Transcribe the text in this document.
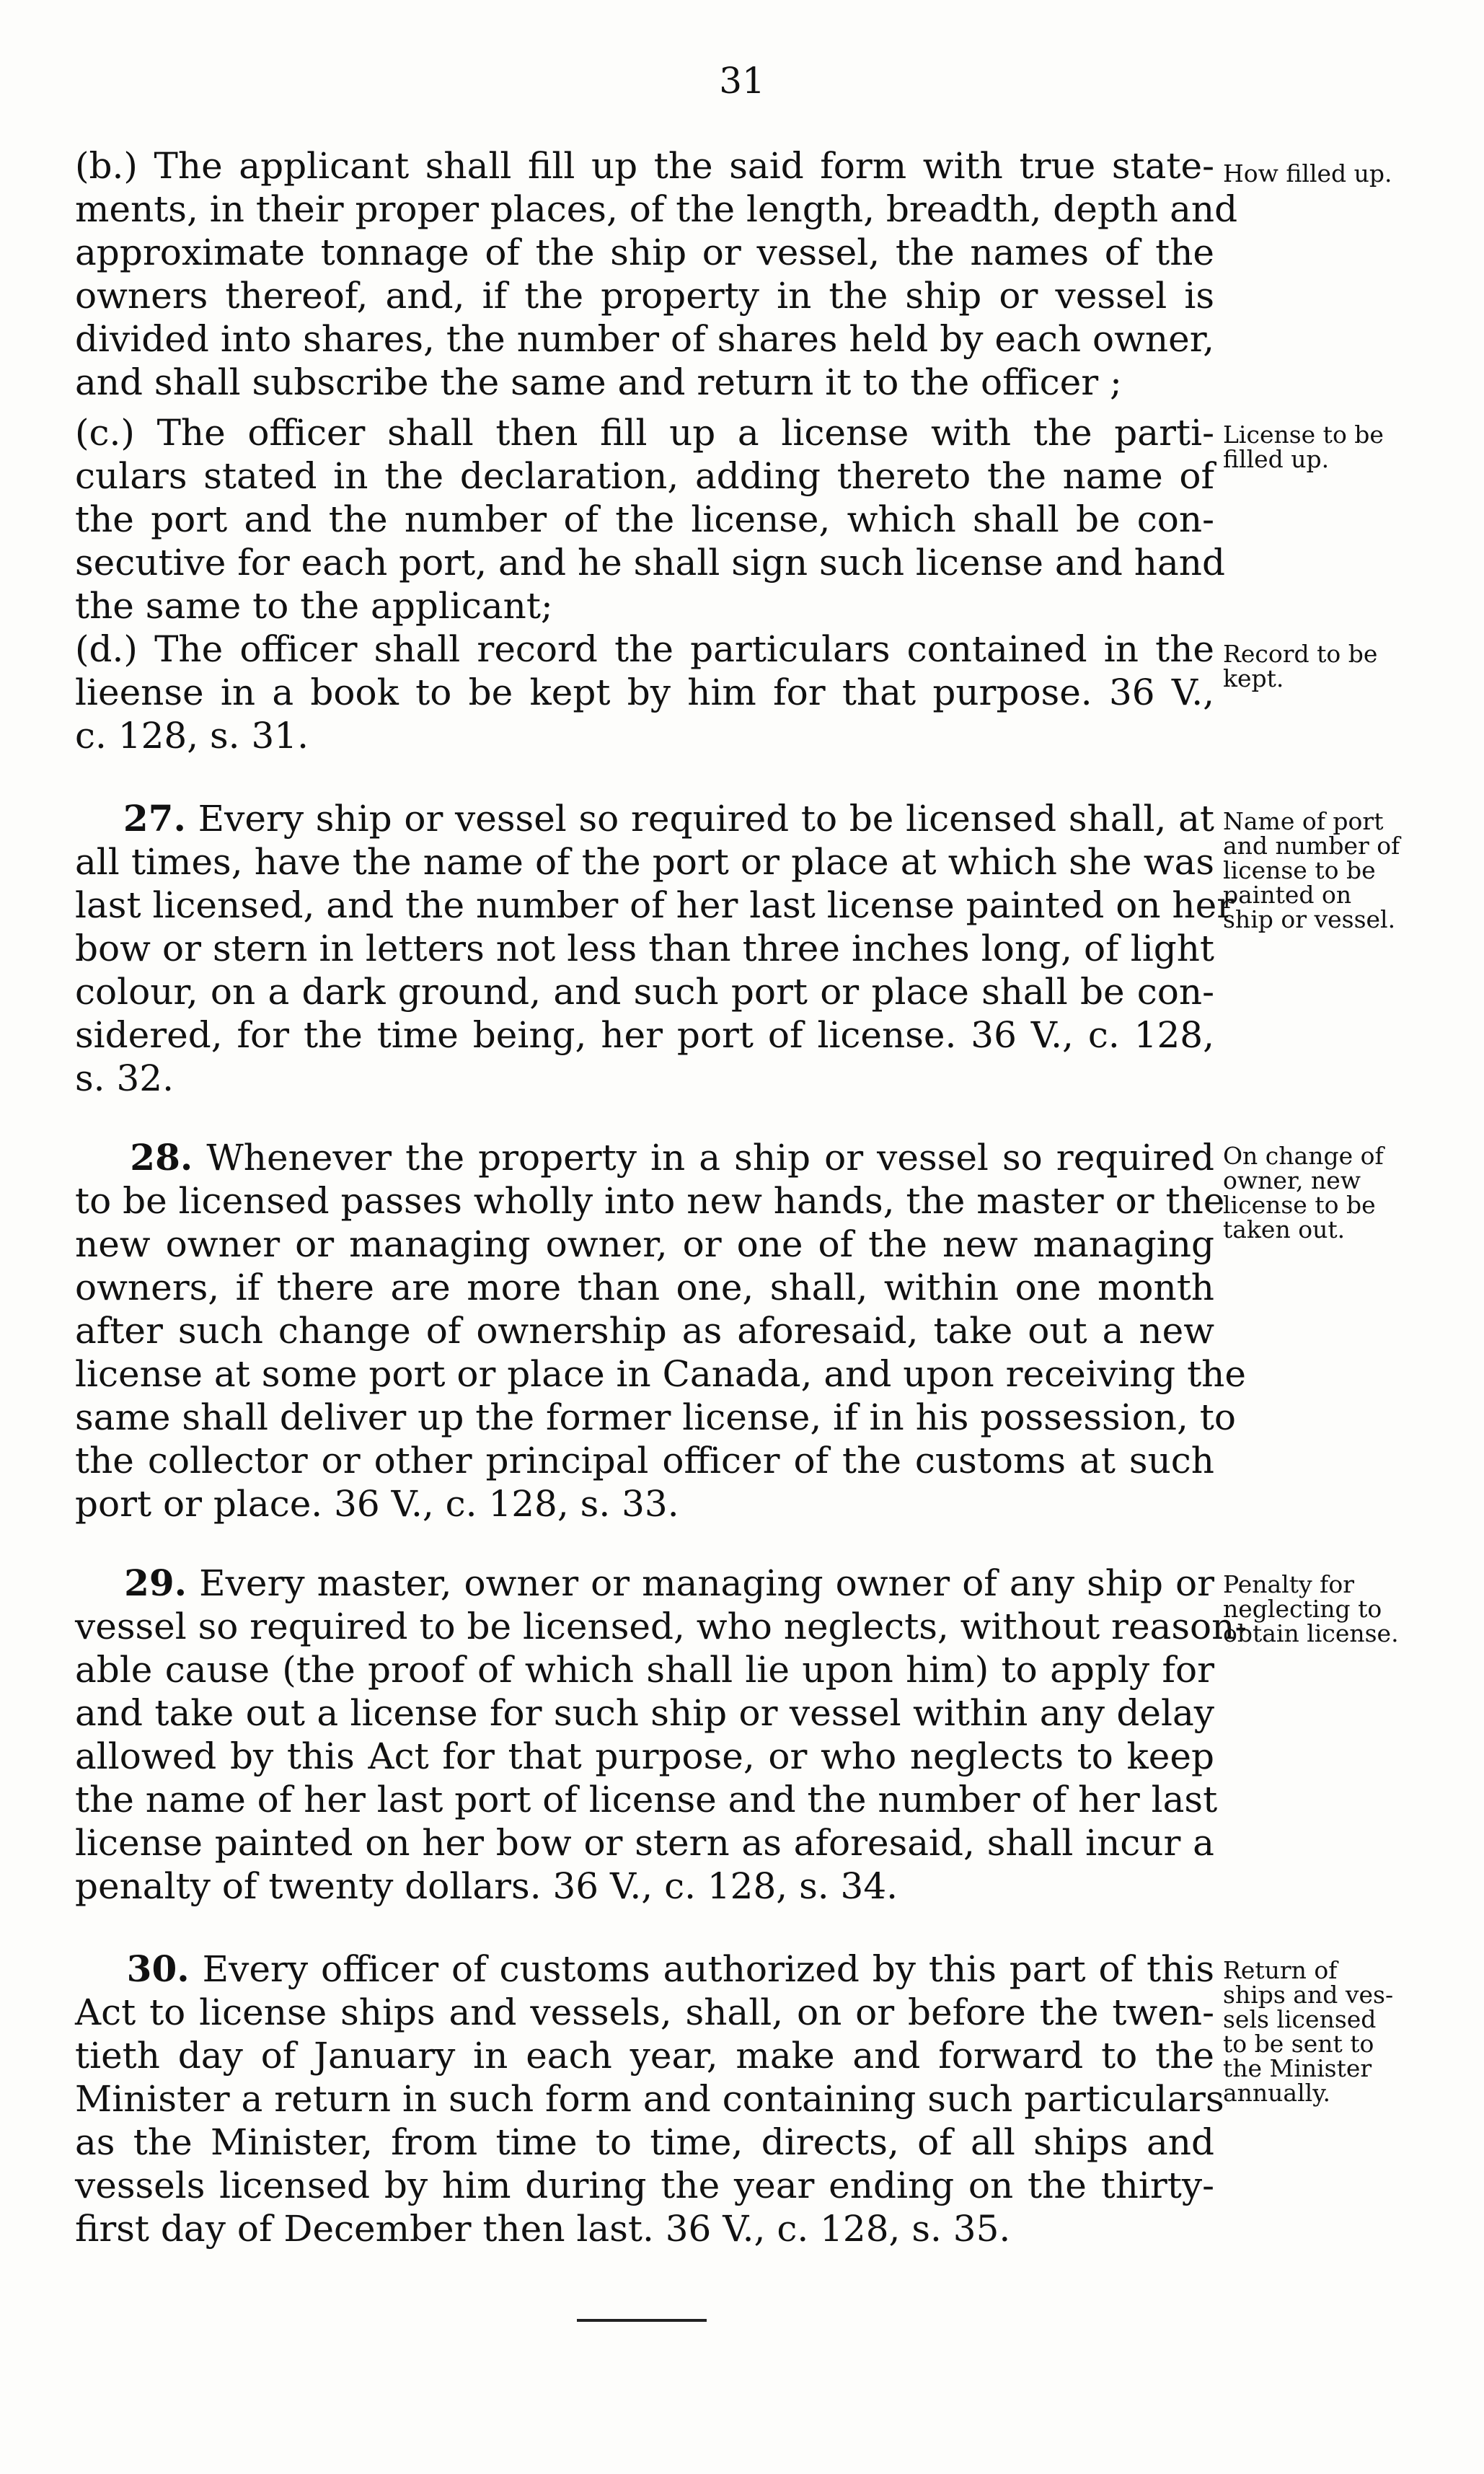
31
(b.) The applicant shall fill up the said form with true state-
ments, in their proper places, of the length, breadth, depth and
approximate tonnage of the ship or vessel, the names of the
owners thereof, and, if the property in the ship or vessel is
divided into shares, the number of shares held by each owner,
and shall subscribe the same and return it to the officer ;
How filled up.
(c.) The officer shall then fill up a license with the parti-
culars stated in the declaration, adding thereto the name of
the port and the number of the license, which shall be con-
secutive for each port, and he shall sign such license and hand
the same to the applicant;
License to be
filled up.
(d.) The officer shall record the particulars contained in the
lieense in a book to be kept by him for that purpose. 36 V.,
c. 128, s. 31.
Record to be
kept.
27. Every ship or vessel so required to be licensed shall, at
all times, have the name of the port or place at which she was
last licensed, and the number of her last license painted on her
bow or stern in letters not less than three inches long, of light
colour, on a dark ground, and such port or place shall be con-
sidered, for the time being, her port of license. 36 V., c. 128,
s. 32.
Name of port
and number of
license to be
painted on
ship or vessel.
28. Whenever the property in a ship or vessel so required
to be licensed passes wholly into new hands, the master or the
new owner or managing owner, or one of the new managing
owners, if there are more than one, shall, within one month
after such change of ownership as aforesaid, take out a new
license at some port or place in Canada, and upon receiving the
same shall deliver up the former license, if in his possession, to
the collector or other principal officer of the customs at such
port or place. 36 V., c. 128, s. 33.
On change of
owner, new
license to be
taken out.
29. Every master, owner or managing owner of any ship or
vessel so required to be licensed, who neglects, without reason-
able cause (the proof of which shall lie upon him) to apply for
and take out a license for such ship or vessel within any delay
allowed by this Act for that purpose, or who neglects to keep
the name of her last port of license and the number of her last
license painted on her bow or stern as aforesaid, shall incur a
penalty of twenty dollars. 36 V., c. 128, s. 34.
Penalty for
neglecting to
obtain license.
30. Every officer of customs authorized by this part of this
Act to license ships and vessels, shall, on or before the twen-
tieth day of January in each year, make and forward to the
Minister a return in such form and containing such particulars
as the Minister, from time to time, directs, of all ships and
vessels licensed by him during the year ending on the thirty-
first day of December then last. 36 V., c. 128, s. 35.
Return of
ships and ves-
sels licensed
to be sent to
the Minister
annually.
